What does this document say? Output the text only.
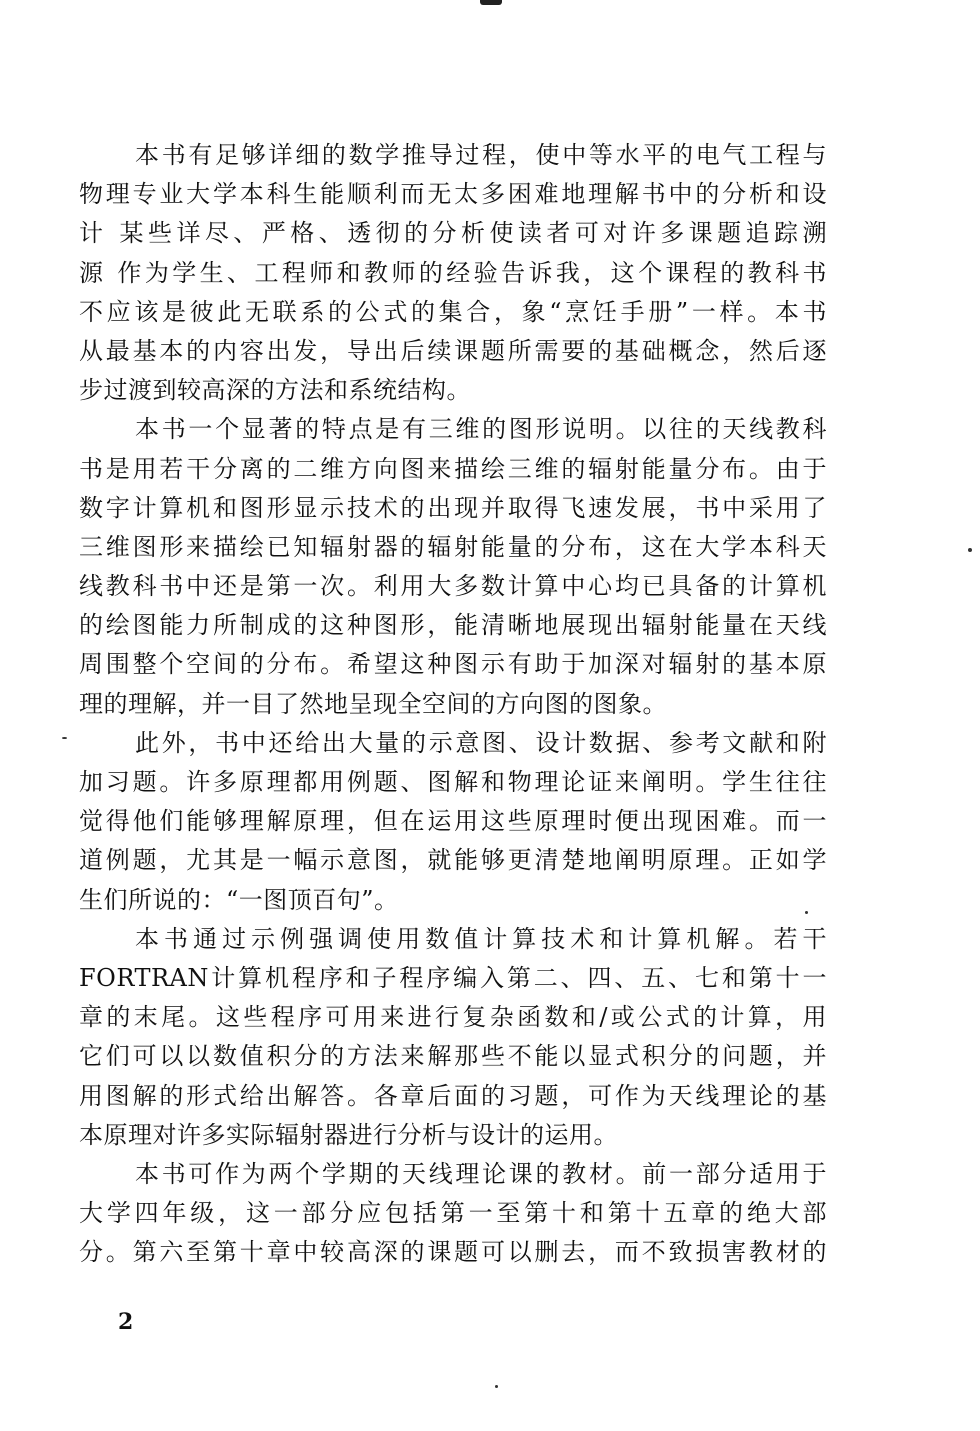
本书有足够详细的数学推导过程，使中等水平的电气工程与
物理专业大学本科生能顺利而无太多困难地理解书中的分析和设
计 某些详尽、严格、透彻的分析使读者可对许多课题追踪溯
源 作为学生、工程师和教师的经验告诉我，这个课程的教科书
不应该是彼此无联系的公式的集合，象“烹饪手册”一样。本书
从最基本的内容出发，导出后续课题所需要的基础概念，然后逐
步过渡到较高深的方法和系统结构。
本书一个显著的特点是有三维的图形说明。以往的天线教科
书是用若干分离的二维方向图来描绘三维的辐射能量分布。由于
数字计算机和图形显示技术的出现并取得飞速发展，书中采用了
三维图形来描绘已知辐射器的辐射能量的分布，这在大学本科天
线教科书中还是第一次。利用大多数计算中心均已具备的计算机
的绘图能力所制成的这种图形，能清晰地展现出辐射能量在天线
周围整个空间的分布。希望这种图示有助于加深对辐射的基本原
理的理解，并一目了然地呈现全空间的方向图的图象。
此外，书中还给出大量的示意图、设计数据、参考文献和附
加习题。许多原理都用例题、图解和物理论证来阐明。学生往往
觉得他们能够理解原理，但在运用这些原理时便出现困难。而一
道例题，尤其是一幅示意图，就能够更清楚地阐明原理。正如学
生们所说的：“一图顶百句”。
本书通过示例强调使用数值计算技术和计算机解。若干
FORTRAN计算机程序和子程序编入第二、四、五、七和第十一
章的末尾。这些程序可用来进行复杂函数和/或公式的计算，用
它们可以以数值积分的方法来解那些不能以显式积分的问题，并
用图解的形式给出解答。各章后面的习题，可作为天线理论的基
本原理对许多实际辐射器进行分析与设计的运用。
本书可作为两个学期的天线理论课的教材。前一部分适用于
大学四年级，这一部分应包括第一至第十和第十五章的绝大部
分。第六至第十章中较高深的课题可以删去，而不致损害教材的
2
